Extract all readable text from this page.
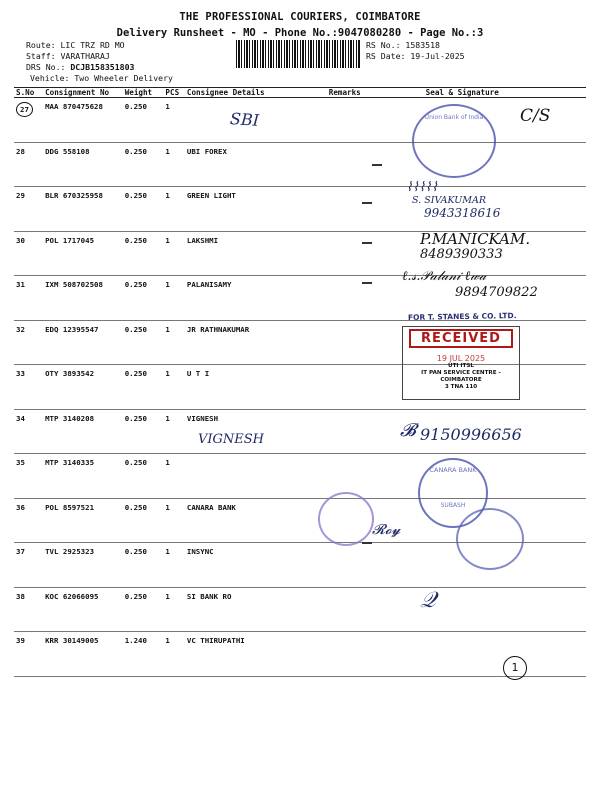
THE PROFESSIONAL COURIERS, COIMBATORE
Delivery Runsheet - MO - Phone No.:9047080280 - Page No.:3
Route: LIC TRZ RD MO
Staff: VARATHARAJ
DRS No.: DCJB158351803
Vehicle: Two Wheeler Delivery
RS No.: 1583518
RS Date: 19-Jul-2025
S.No	Consignment No	Weight	PCS	Consignee Details	Remarks	Seal & Signature
27	MAA 870475628	0.250	1			
28	DDG 558108	0.250	1	UBI FOREX		
29	BLR 670325958	0.250	1	GREEN LIGHT		
30	POL 1717045	0.250	1	LAKSHMI		
31	IXM 508702508	0.250	1	PALANISAMY		
32	EDQ 12395547	0.250	1	JR RATHNAKUMAR		
33	OTY 3893542	0.250	1	U T I		
34	MTP 3140208	0.250	1	VIGNESH		
35	MTP 3140335	0.250	1			
36	POL 8597521	0.250	1	CANARA BANK		
37	TVL 2925323	0.250	1	INSYNC		
38	KOC 62066095	0.250	1	SI BANK RO		
39	KRR 30149005	1.240	1	VC THIRUPATHI		
SBI	C/S
Union Bank of India
⌇⌇⌇⌇⌇
S. SIVAKUMAR
9943318616
P.MANICKAM.
8489390333
9894709822
ℓ.𝓈.𝒫𝒶𝓁𝒶𝓃𝒾 ℓ𝓌𝒶
FOR T. STANES & CO. LTD.
RECEIVED
19 JUL 2025
UTI ITSL
IT PAN SERVICE CENTRE - COIMBATORE
3 TNA 110
VIGNESH	9150996656
𝓑
CANARA BANK
SUBASH
𝓡𝓸𝔂
𝒬
1
